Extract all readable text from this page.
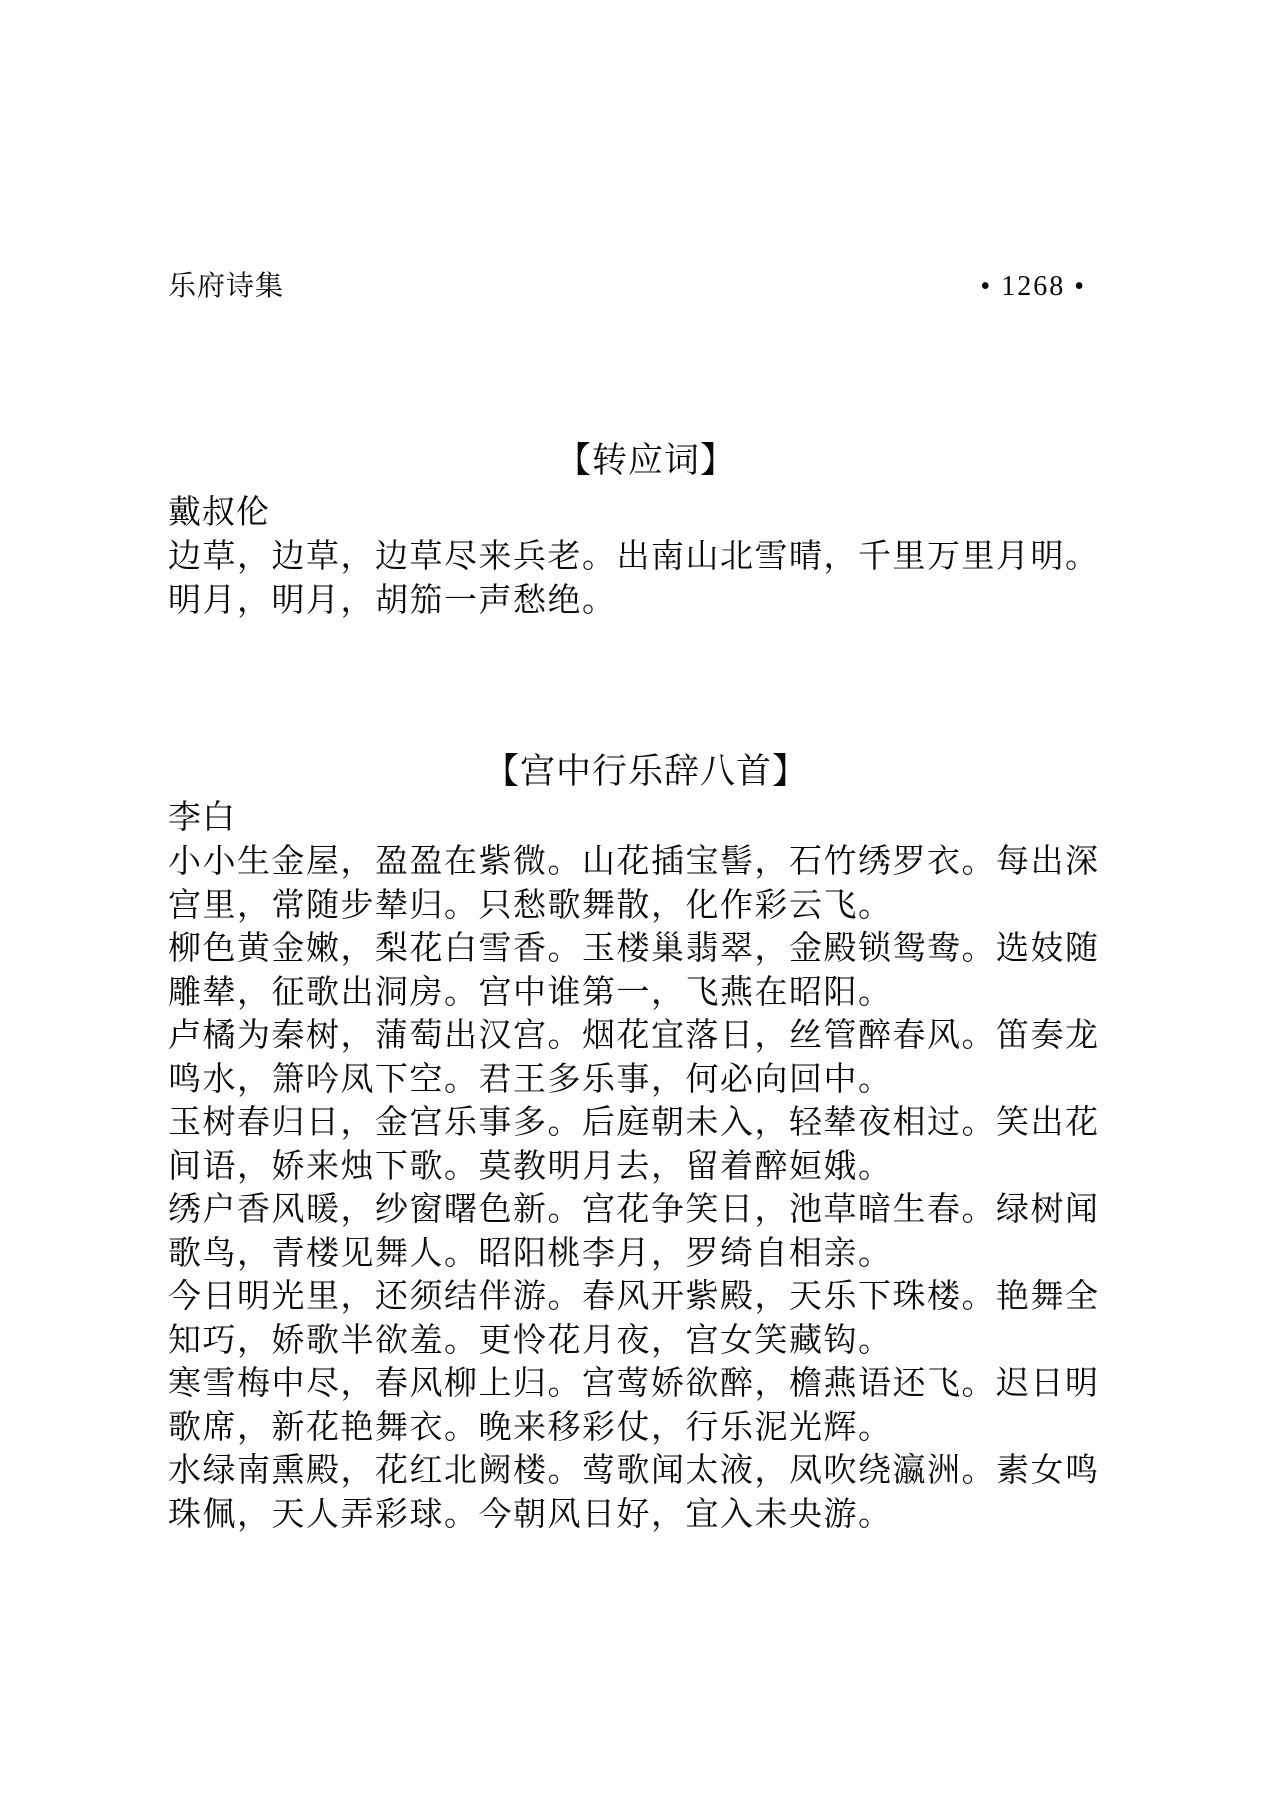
乐府诗集	• 1268 •
【转应词】
戴叔伦
边草，边草，边草尽来兵老。出南山北雪晴，千里万里月明。
明月，明月，胡笳一声愁绝。
【宫中行乐辞八首】
李白
小小生金屋，盈盈在紫微。山花插宝髻，石竹绣罗衣。每出深
宫里，常随步辇归。只愁歌舞散，化作彩云飞。
柳色黄金嫩，梨花白雪香。玉楼巢翡翠，金殿锁鸳鸯。选妓随
雕辇，征歌出洞房。宫中谁第一，飞燕在昭阳。
卢橘为秦树，蒲萄出汉宫。烟花宜落日，丝管醉春风。笛奏龙
鸣水，箫吟凤下空。君王多乐事，何必向回中。
玉树春归日，金宫乐事多。后庭朝未入，轻辇夜相过。笑出花
间语，娇来烛下歌。莫教明月去，留着醉姮娥。
绣户香风暖，纱窗曙色新。宫花争笑日，池草暗生春。绿树闻
歌鸟，青楼见舞人。昭阳桃李月，罗绮自相亲。
今日明光里，还须结伴游。春风开紫殿，天乐下珠楼。艳舞全
知巧，娇歌半欲羞。更怜花月夜，宫女笑藏钩。
寒雪梅中尽，春风柳上归。宫莺娇欲醉，檐燕语还飞。迟日明
歌席，新花艳舞衣。晚来移彩仗，行乐泥光辉。
水绿南熏殿，花红北阙楼。莺歌闻太液，凤吹绕瀛洲。素女鸣
珠佩，天人弄彩球。今朝风日好，宜入未央游。
